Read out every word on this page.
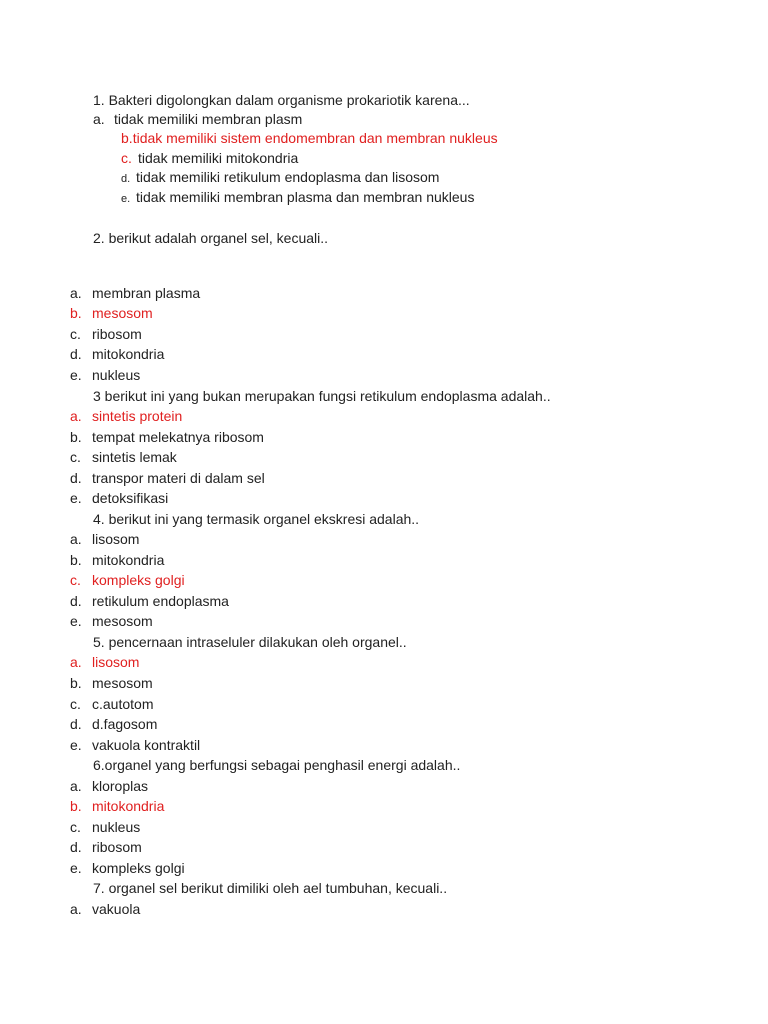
1. Bakteri digolongkan dalam organisme prokariotik karena...
a. tidak memiliki membran plasm
b.tidak memiliki sistem endomembran dan membran nukleus
c. tidak memiliki mitokondria
d. tidak memiliki retikulum endoplasma dan lisosom
e. tidak memiliki membran plasma dan membran nukleus
2. berikut adalah organel sel, kecuali..
a. membran plasma
b. mesosom
c. ribosom
d. mitokondria
e. nukleus
3 berikut ini yang bukan merupakan fungsi retikulum endoplasma adalah..
a. sintetis protein
b. tempat melekatnya ribosom
c. sintetis lemak
d. transpor materi di dalam sel
e. detoksifikasi
4. berikut ini yang termasik organel ekskresi adalah..
a. lisosom
b. mitokondria
c. kompleks golgi
d. retikulum endoplasma
e. mesosom
5. pencernaan intraseluler dilakukan oleh organel..
a. lisosom
b. mesosom
c. c.autotom
d. d.fagosom
e. vakuola kontraktil
6.organel yang berfungsi sebagai penghasil energi adalah..
a. kloroplas
b. mitokondria
c. nukleus
d. ribosom
e. kompleks golgi
7. organel sel berikut dimiliki oleh ael tumbuhan, kecuali..
a. vakuola
